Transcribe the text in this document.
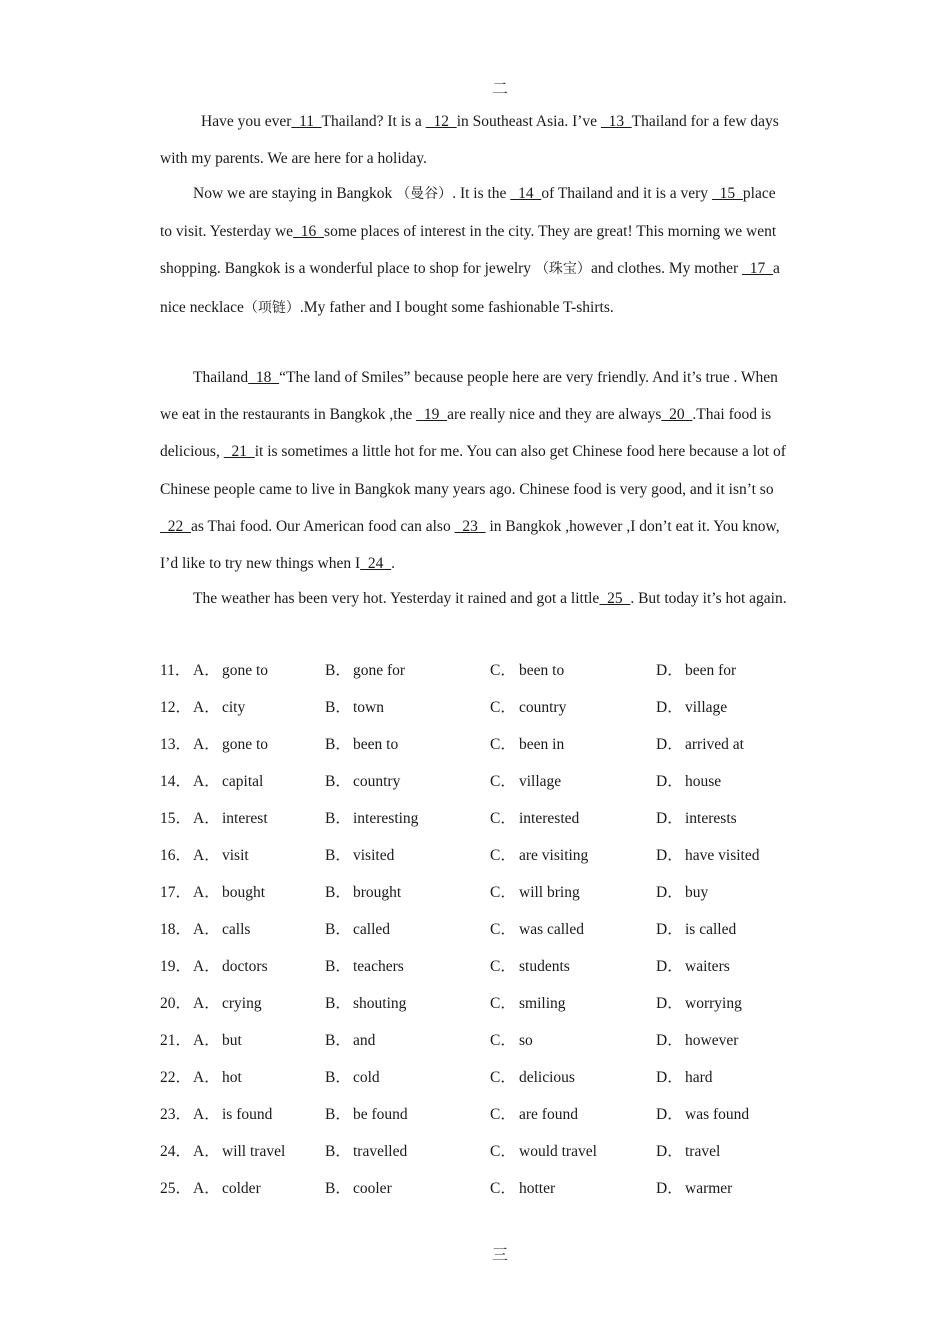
二

Have you ever  11  Thailand? It is a   12  in Southeast Asia. I’ve   13  Thailand for a few days with my parents. We are here for a holiday.

Now we are staying in Bangkok （曼谷）. It is the   14  of Thailand and it is a very   15  place to visit. Yesterday we  16  some places of interest in the city. They are great! This morning we went shopping. Bangkok is a wonderful place to shop for jewelry （珠宝）and clothes. My mother   17  a nice necklace（项链）.My father and I bought some fashionable T-shirts.

Thailand  18  “The land of Smiles” because people here are very friendly. And it’s true . When we eat in the restaurants in Bangkok ,the   19  are really nice and they are always  20  .Thai food is delicious,   21  it is sometimes a little hot for me. You can also get Chinese food here because a lot of Chinese people came to live in Bangkok many years ago. Chinese food is very good, and it isn’t so   22  as Thai food. Our American food can also   23   in Bangkok ,however ,I don’t eat it. You know, I’d like to try new things when I  24  .

The weather has been very hot. Yesterday it rained and got a little  25  . But today it’s hot again.

11． A． gone to	B． gone for	C． been to	D． been for
12． A． city	B． town	C． country	D． village
13． A． gone to	B． been to	C． been in	D． arrived at
14． A． capital	B． country	C． village	D． house
15． A． interest	B． interesting	C． interested	D． interests
16． A． visit	B． visited	C． are visiting	D． have visited
17． A． bought	B． brought	C． will bring	D． buy
18． A． calls	B． called	C． was called	D． is called
19． A． doctors	B． teachers	C． students	D． waiters
20． A． crying	B． shouting	C． smiling	D． worrying
21． A． but	B． and	C． so	D． however
22． A． hot	B． cold	C． delicious	D． hard
23． A． is found	B． be found	C． are found	D． was found
24． A． will travel	B． travelled	C． would travel	D． travel
25． A． colder	B． cooler	C． hotter	D． warmer
三
